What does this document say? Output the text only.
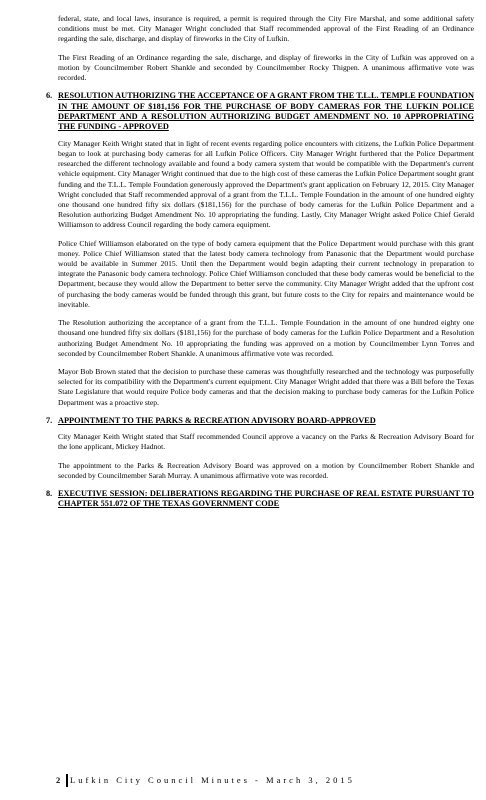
federal, state, and local laws, insurance is required, a permit is required through the City Fire Marshal, and some additional safety conditions must be met. City Manager Wright concluded that Staff recommended approval of the First Reading of an Ordinance regarding the sale, discharge, and display of fireworks in the City of Lufkin.

The First Reading of an Ordinance regarding the sale, discharge, and display of fireworks in the City of Lufkin was approved on a motion by Councilmember Robert Shankle and seconded by Councilmember Rocky Thigpen. A unanimous affirmative vote was recorded.

6. RESOLUTION AUTHORIZING THE ACCEPTANCE OF A GRANT FROM THE T.L.L. TEMPLE FOUNDATION IN THE AMOUNT OF $181,156 FOR THE PURCHASE OF BODY CAMERAS FOR THE LUFKIN POLICE DEPARTMENT AND A RESOLUTION AUTHORIZING BUDGET AMENDMENT NO. 10 APPROPRIATING THE FUNDING - APPROVED

City Manager Keith Wright stated that in light of recent events regarding police encounters with citizens, the Lufkin Police Department began to look at purchasing body cameras for all Lufkin Police Officers. City Manager Wright furthered that the Police Department researched the different technology available and found a body camera system that would be compatible with the Department's current vehicle equipment. City Manager Wright continued that due to the high cost of these cameras the Lufkin Police Department sought grant funding and the T.L.L. Temple Foundation generously approved the Department's grant application on February 12, 2015. City Manager Wright concluded that Staff recommended approval of a grant from the T.L.L. Temple Foundation in the amount of one hundred eighty one thousand one hundred fifty six dollars ($181,156) for the purchase of body cameras for the Lufkin Police Department and a Resolution authorizing Budget Amendment No. 10 appropriating the funding. Lastly, City Manager Wright asked Police Chief Gerald Williamson to address Council regarding the body camera equipment.

Police Chief Williamson elaborated on the type of body camera equipment that the Police Department would purchase with this grant money. Police Chief Williamson stated that the latest body camera technology from Panasonic that the Department would purchase would be available in Summer 2015. Until then the Department would begin adapting their current technology in preparation to integrate the Panasonic body camera technology. Police Chief Williamson concluded that these body cameras would be beneficial to the Department, because they would allow the Department to better serve the community. City Manager Wright added that the upfront cost of purchasing the body cameras would be funded through this grant, but future costs to the City for repairs and maintenance would be inevitable.

The Resolution authorizing the acceptance of a grant from the T.L.L. Temple Foundation in the amount of one hundred eighty one thousand one hundred fifty six dollars ($181,156) for the purchase of body cameras for the Lufkin Police Department and a Resolution authorizing Budget Amendment No. 10 appropriating the funding was approved on a motion by Councilmember Lynn Torres and seconded by Councilmember Robert Shankle. A unanimous affirmative vote was recorded.

Mayor Bob Brown stated that the decision to purchase these cameras was thoughtfully researched and the technology was purposefully selected for its compatibility with the Department's current equipment. City Manager Wright added that there was a Bill before the Texas State Legislature that would require Police body cameras and that the decision making to purchase body cameras for the Lufkin Police Department was a proactive step.

7. APPOINTMENT TO THE PARKS & RECREATION ADVISORY BOARD-APPROVED

City Manager Keith Wright stated that Staff recommended Council approve a vacancy on the Parks & Recreation Advisory Board for the lone applicant, Mickey Hadnot.

The appointment to the Parks & Recreation Advisory Board was approved on a motion by Councilmember Robert Shankle and seconded by Councilmember Sarah Murray. A unanimous affirmative vote was recorded.

8. EXECUTIVE SESSION: DELIBERATIONS REGARDING THE PURCHASE OF REAL ESTATE PURSUANT TO CHAPTER 551.072 OF THE TEXAS GOVERNMENT CODE
2	Lufkin City Council Minutes - March 3, 2015
